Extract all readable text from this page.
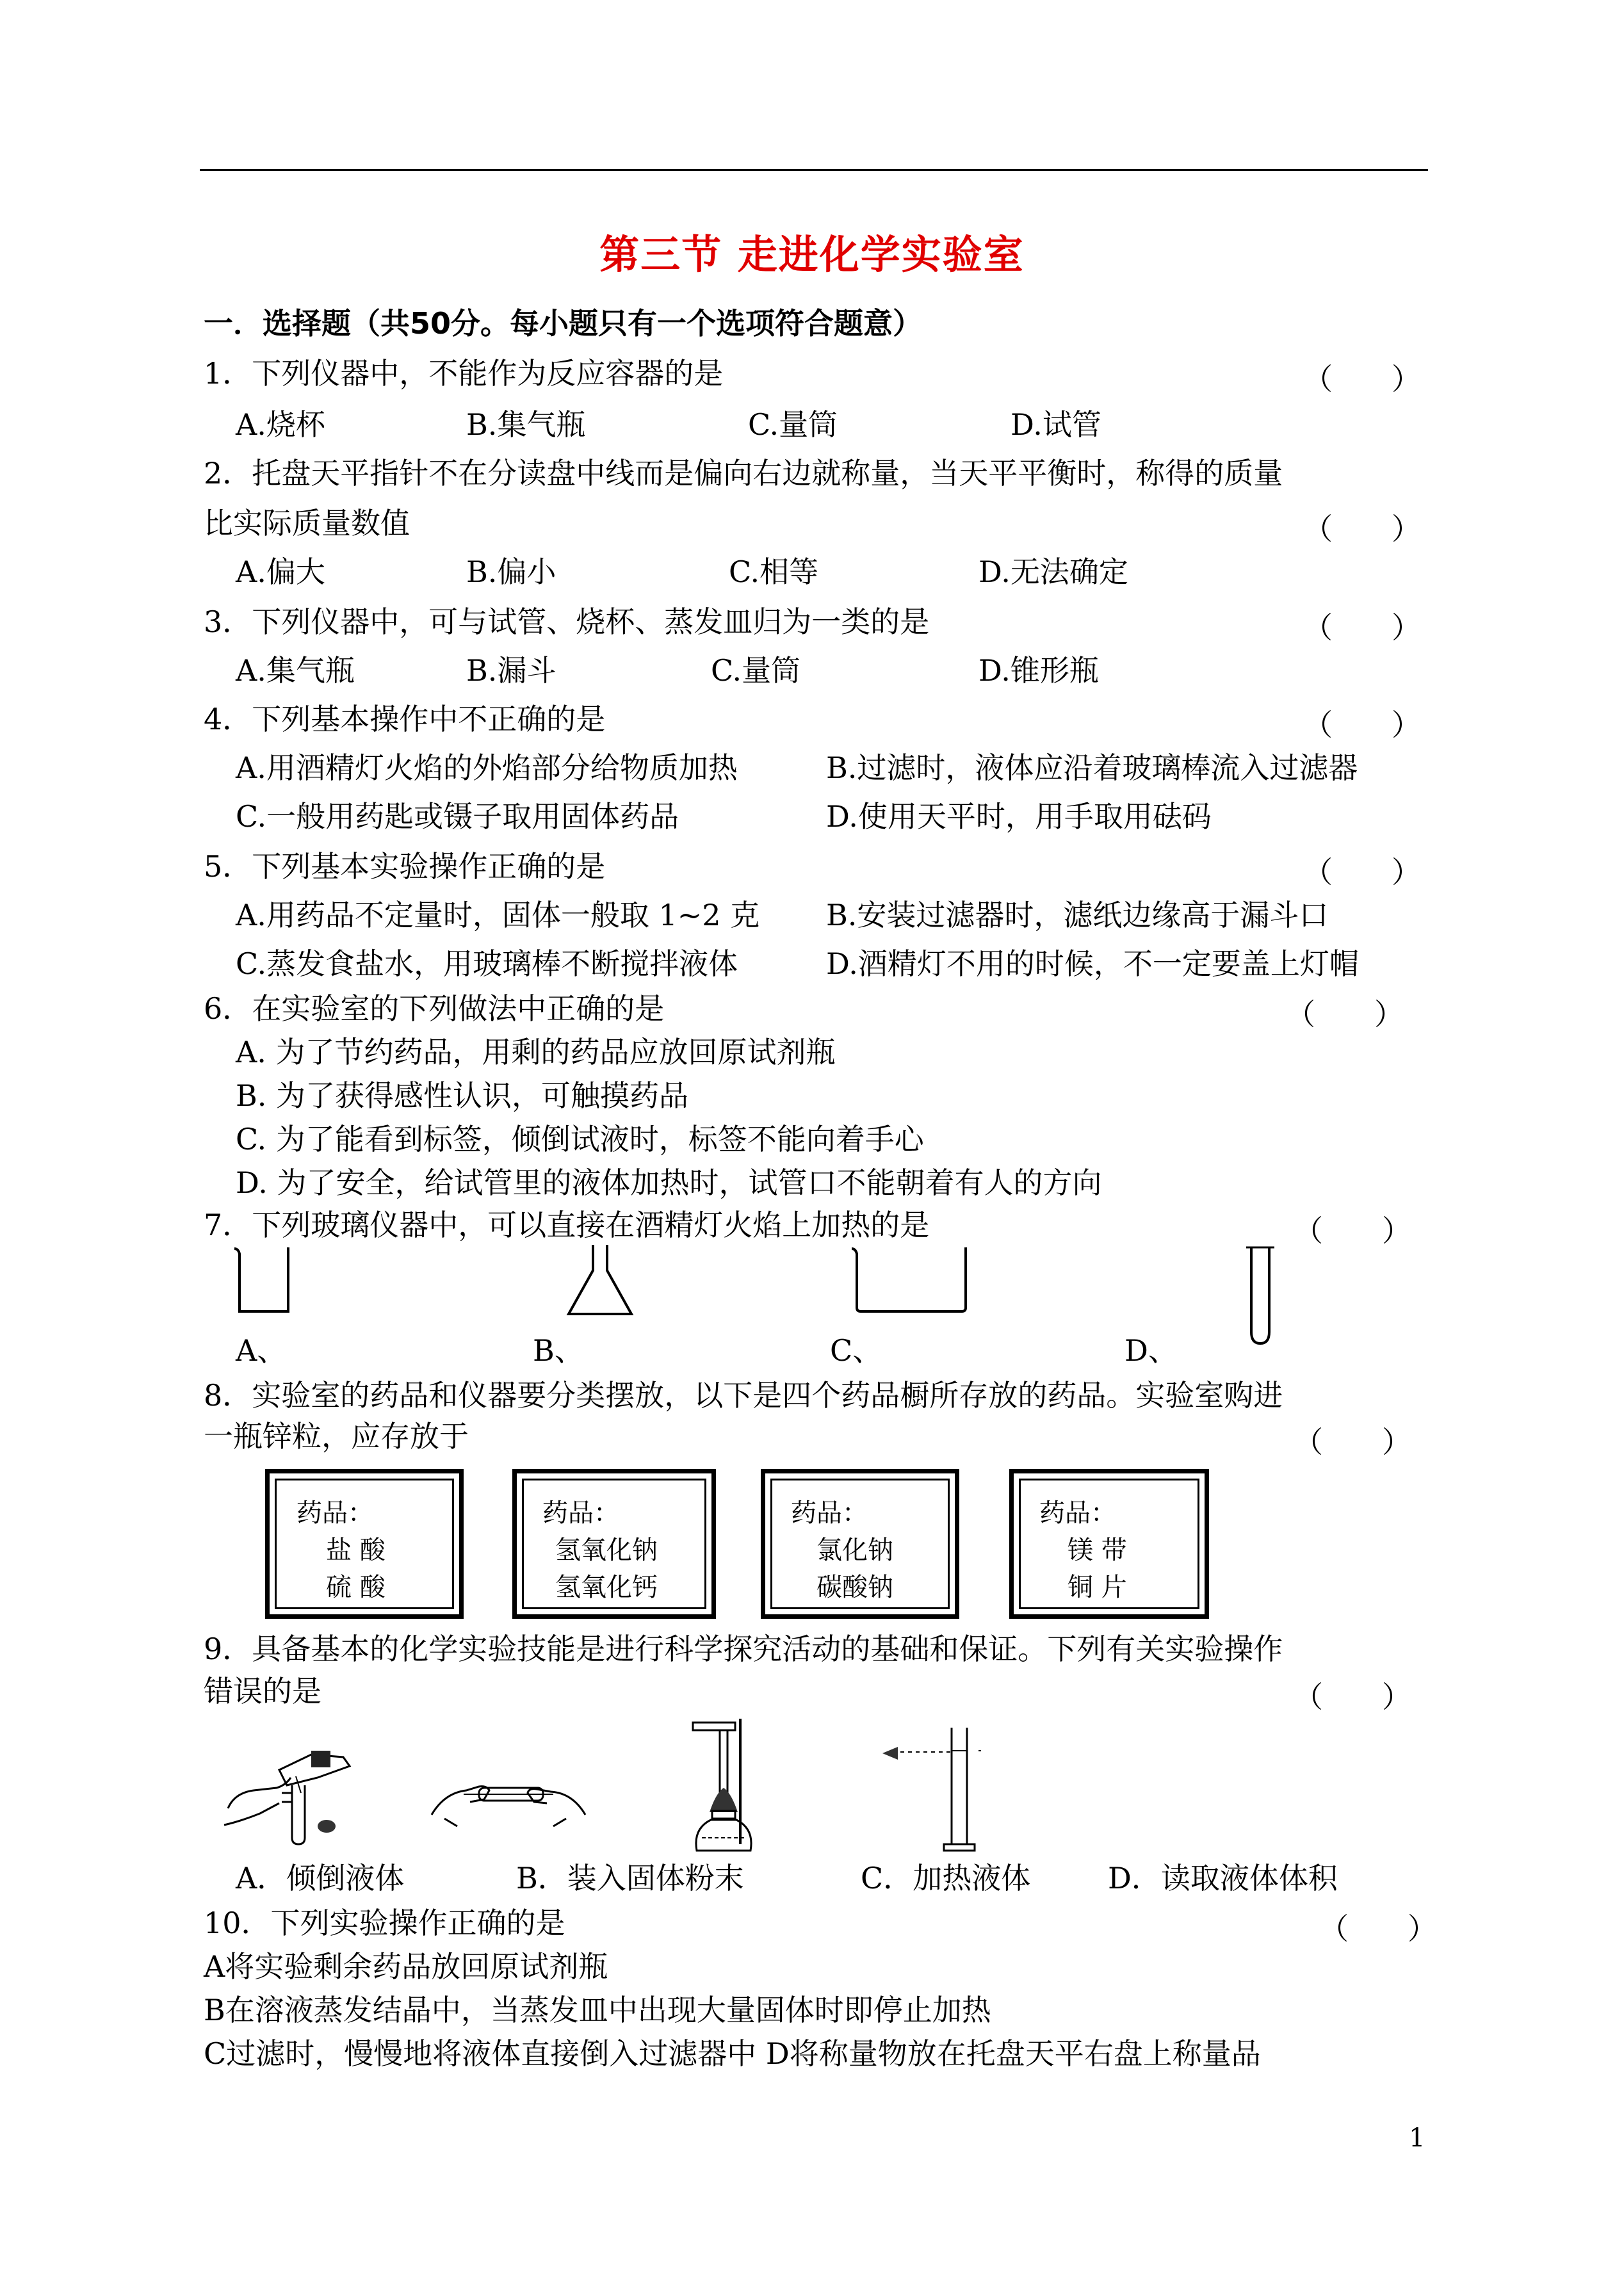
第三节 走进化学实验室
一．选择题（共50分。每小题只有一个选项符合题意）
1．下列仪器中，不能作为反应容器的是	（　　）
A.烧杯	B.集气瓶	C.量筒	D.试管
2．托盘天平指针不在分读盘中线而是偏向右边就称量，当天平平衡时，称得的质量
比实际质量数值	（　　）
A.偏大	B.偏小	C.相等	D.无法确定
3．下列仪器中，可与试管、烧杯、蒸发皿归为一类的是	（　　）
A.集气瓶	B.漏斗	C.量筒	D.锥形瓶
4．下列基本操作中不正确的是	（　　）
A.用酒精灯火焰的外焰部分给物质加热	B.过滤时，液体应沿着玻璃棒流入过滤器
C.一般用药匙或镊子取用固体药品	D.使用天平时，用手取用砝码
5．下列基本实验操作正确的是	（　　）
A.用药品不定量时，固体一般取 1~2 克 B.安装过滤器时，滤纸边缘高于漏斗口
C.蒸发食盐水，用玻璃棒不断搅拌液体	D.酒精灯不用的时候，不一定要盖上灯帽
6．在实验室的下列做法中正确的是	（　　）
A. 为了节约药品，用剩的药品应放回原试剂瓶
B. 为了获得感性认识，可触摸药品
C. 为了能看到标签，倾倒试液时，标签不能向着手心
D. 为了安全，给试管里的液体加热时，试管口不能朝着有人的方向
7．下列玻璃仪器中，可以直接在酒精灯火焰上加热的是	（　　）
A、	B、	C、	D、
8．实验室的药品和仪器要分类摆放，以下是四个药品橱所存放的药品。实验室购进
一瓶锌粒，应存放于	（　　）
药品：
盐 酸
硫 酸
药品：
氢氧化钠
氢氧化钙
药品：
氯化钠
碳酸钠
药品：
镁 带
铜 片
9．具备基本的化学实验技能是进行科学探究活动的基础和保证。下列有关实验操作
错误的是	（　　）
A．倾倒液体	B．装入固体粉末	C．加热液体	D．读取液体体积
10．下列实验操作正确的是	（　　）
A将实验剩余药品放回原试剂瓶
B在溶液蒸发结晶中，当蒸发皿中出现大量固体时即停止加热
C过滤时，慢慢地将液体直接倒入过滤器中 D将称量物放在托盘天平右盘上称量品
1
